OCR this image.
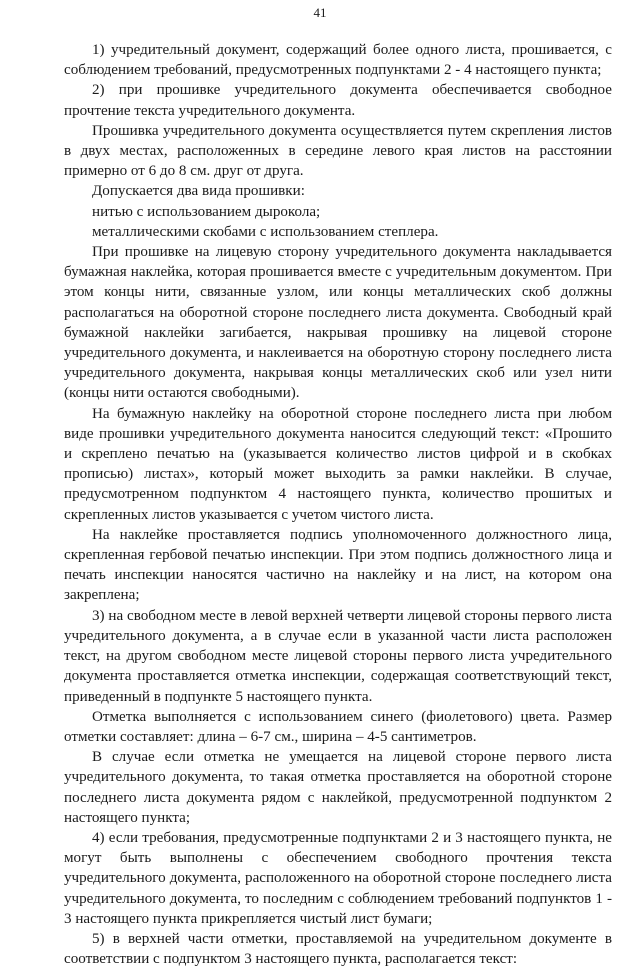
41

1) учредительный документ, содержащий более одного листа, прошивается, с соблюдением требований, предусмотренных подпунктами 2 - 4 настоящего пункта;

2) при прошивке учредительного документа обеспечивается свободное прочтение текста учредительного документа.

Прошивка учредительного документа осуществляется путем скрепления листов в двух местах, расположенных в середине левого края листов на расстоянии примерно от 6 до 8 см. друг от друга.

Допускается два вида прошивки:

нитью с использованием дырокола;

металлическими скобами с использованием степлера.

При прошивке на лицевую сторону учредительного документа накладывается бумажная наклейка, которая прошивается вместе с учредительным документом. При этом концы нити, связанные узлом, или концы металлических скоб должны располагаться на оборотной стороне последнего листа документа. Свободный край бумажной наклейки загибается, накрывая прошивку на лицевой стороне учредительного документа, и наклеивается на оборотную сторону последнего листа учредительного документа, накрывая концы металлических скоб или узел нити (концы нити остаются свободными).

На бумажную наклейку на оборотной стороне последнего листа при любом виде прошивки учредительного документа наносится следующий текст: «Прошито и скреплено печатью на (указывается количество листов цифрой и в скобках прописью) листах», который может выходить за рамки наклейки. В случае, предусмотренном подпунктом 4 настоящего пункта, количество прошитых и скрепленных листов указывается с учетом чистого листа.

На наклейке проставляется подпись уполномоченного должностного лица, скрепленная гербовой печатью инспекции. При этом подпись должностного лица и печать инспекции наносятся частично на наклейку и на лист, на котором она закреплена;

3) на свободном месте в левой верхней четверти лицевой стороны первого листа учредительного документа, а в случае если в указанной части листа расположен текст, на другом свободном месте лицевой стороны первого листа учредительного документа проставляется отметка инспекции, содержащая соответствующий текст, приведенный в подпункте 5 настоящего пункта.

Отметка выполняется с использованием синего (фиолетового) цвета. Размер отметки составляет: длина – 6-7 см., ширина – 4-5 сантиметров.

В случае если отметка не умещается на лицевой стороне первого листа учредительного документа, то такая отметка проставляется на оборотной стороне последнего листа документа рядом с наклейкой, предусмотренной подпунктом 2 настоящего пункта;

4) если требования, предусмотренные подпунктами 2 и 3 настоящего пункта, не могут быть выполнены с обеспечением свободного прочтения текста учредительного документа, расположенного на оборотной стороне последнего листа учредительного документа, то последним с соблюдением требований подпунктов 1 - 3 настоящего пункта прикрепляется чистый лист бумаги;

5) в верхней части отметки, проставляемой на учредительном документе в соответствии с подпунктом 3 настоящего пункта, располагается текст:
